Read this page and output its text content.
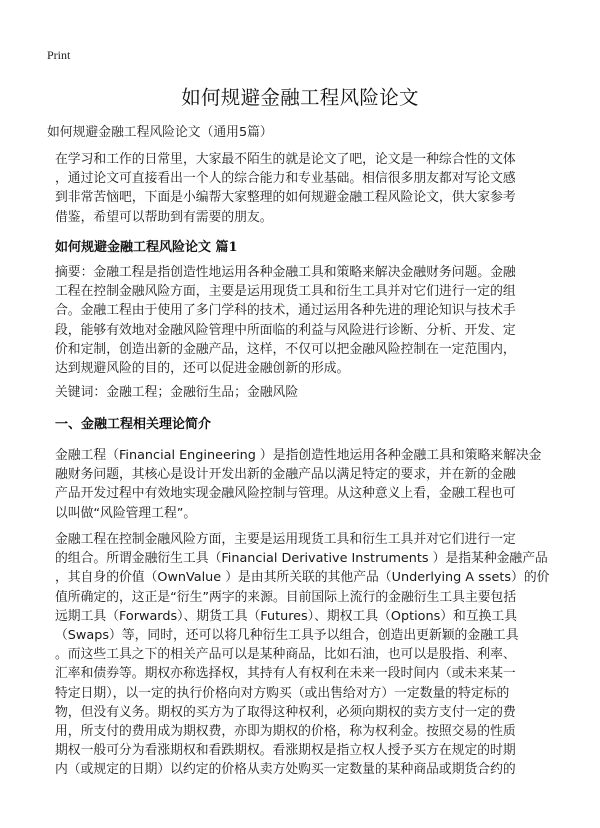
Print
如何规避金融工程风险论文
如何规避金融工程风险论文（通用5篇）
在学习和工作的日常里，大家最不陌生的就是论文了吧，论文是一种综合性的文体
，通过论文可直接看出一个人的综合能力和专业基础。相信很多朋友都对写论文感
到非常苦恼吧，下面是小编帮大家整理的如何规避金融工程风险论文，供大家参考
借鉴，希望可以帮助到有需要的朋友。
如何规避金融工程风险论文 篇1
摘要：金融工程是指创造性地运用各种金融工具和策略来解决金融财务问题。金融
工程在控制金融风险方面，主要是运用现货工具和衍生工具并对它们进行一定的组
合。金融工程由于使用了多门学科的技术，通过运用各种先进的理论知识与技术手
段，能够有效地对金融风险管理中所面临的利益与风险进行诊断、分析、开发、定
价和定制，创造出新的金融产品，这样，不仅可以把金融风险控制在一定范围内，
达到规避风险的目的，还可以促进金融创新的形成。
关键词：金融工程；金融衍生品；金融风险
一、金融工程相关理论简介
金融工程（Financial Engineering ）是指创造性地运用各种金融工具和策略来解决金
融财务问题，其核心是设计开发出新的金融产品以满足特定的要求，并在新的金融
产品开发过程中有效地实现金融风险控制与管理。从这种意义上看，金融工程也可
以叫做“风险管理工程”。
金融工程在控制金融风险方面，主要是运用现货工具和衍生工具并对它们进行一定
的组合。所谓金融衍生工具（Financial Derivative Instruments ）是指某种金融产品
，其自身的价值（OwnValue ）是由其所关联的其他产品（Underlying A ssets）的价
值所确定的，这正是“衍生”两字的来源。目前国际上流行的金融衍生工具主要包括
远期工具（Forwards）、期货工具（Futures）、期权工具（Options）和互换工具
（Swaps）等，同时，还可以将几种衍生工具予以组合，创造出更新颖的金融工具
。而这些工具之下的相关产品可以是某种商品，比如石油，也可以是股指、利率、
汇率和债券等。期权亦称选择权，其持有人有权利在未来一段时间内（或未来某一
特定日期），以一定的执行价格向对方购买（或出售给对方）一定数量的特定标的
物，但没有义务。期权的买方为了取得这种权利，必须向期权的卖方支付一定的费
用，所支付的费用成为期权费，亦即为期权的价格，称为权利金。按照交易的性质
期权一般可分为看涨期权和看跌期权。看涨期权是指立权人授予买方在规定的时期
内（或规定的日期）以约定的价格从卖方处购买一定数量的某种商品或期货合约的
